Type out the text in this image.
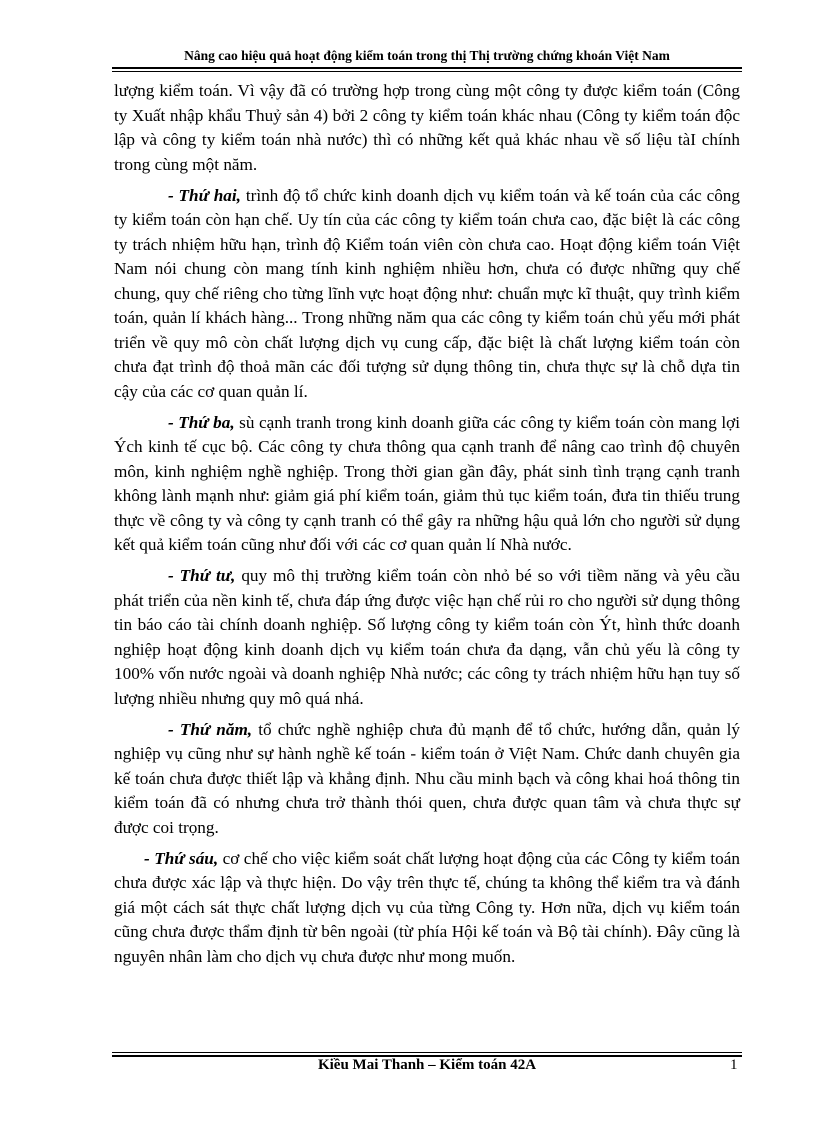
Nâng cao hiệu quả hoạt động kiểm toán trong thị Thị trường chứng khoán Việt Nam

lượng kiểm toán. Vì vậy đã có trường hợp trong cùng một công ty được kiểm toán (Công ty Xuất nhập khẩu Thuỷ sản 4) bởi 2 công ty kiểm toán khác nhau (Công ty kiểm toán độc lập và công ty kiểm toán nhà nước) thì có những kết quả khác nhau về số liệu tàI chính trong cùng một năm.

- Thứ hai, trình độ tổ chức kinh doanh dịch vụ kiểm toán và kế toán của các công ty kiểm toán còn hạn chế. Uy tín của các công ty kiểm toán chưa cao, đặc biệt là các công ty trách nhiệm hữu hạn, trình độ Kiểm toán viên còn chưa cao. Hoạt động kiểm toán Việt Nam nói chung còn mang tính kinh nghiệm nhiều hơn, chưa có được những quy chế chung, quy chế riêng cho từng lĩnh vực hoạt động như: chuẩn mực kĩ thuật, quy trình kiểm toán, quản lí khách hàng... Trong những năm qua các công ty kiểm toán chủ yếu mới phát triển về quy mô còn chất lượng dịch vụ cung cấp, đặc biệt là chất lượng kiểm toán còn chưa đạt trình độ thoả mãn các đối tượng sử dụng thông tin, chưa thực sự là chỗ dựa tin cậy của các cơ quan quản lí.

- Thứ ba, sù cạnh tranh trong kinh doanh giữa các công ty kiểm toán còn mang lợi Ých kinh tế cục bộ. Các công ty chưa thông qua cạnh tranh để nâng cao trình độ chuyên môn, kinh nghiệm nghề nghiệp. Trong thời gian gần đây, phát sinh tình trạng cạnh tranh không lành mạnh như: giảm giá phí kiểm toán, giảm thủ tục kiểm toán, đưa tin thiếu trung thực về công ty và công ty cạnh tranh có thể gây ra những hậu quả lớn cho người sử dụng kết quả kiểm toán cũng như đối với các cơ quan quản lí Nhà nước.

- Thứ tư, quy mô thị trường kiểm toán còn nhỏ bé so với tiềm năng và yêu cầu phát triển của nền kinh tế, chưa đáp ứng được việc hạn chế rủi ro cho người sử dụng thông tin báo cáo tài chính doanh nghiệp. Số lượng công ty kiểm toán còn Ýt, hình thức doanh nghiệp hoạt động kinh doanh dịch vụ kiểm toán chưa đa dạng, vẫn chủ yếu là công ty 100% vốn nước ngoài và doanh nghiệp Nhà nước; các công ty trách nhiệm hữu hạn tuy số lượng nhiều nhưng quy mô quá nhá.

- Thứ năm, tổ chức nghề nghiệp chưa đủ mạnh để tổ chức, hướng dẫn, quản lý nghiệp vụ cũng như sự hành nghề kế toán - kiểm toán ở Việt Nam. Chức danh chuyên gia kế toán chưa được thiết lập và khẳng định. Nhu cầu minh bạch và công khai hoá thông tin kiểm toán đã có nhưng chưa trở thành thói quen, chưa được quan tâm và chưa thực sự được coi trọng.

- Thứ sáu, cơ chế cho việc kiểm soát chất lượng hoạt động của các Công ty kiểm toán chưa được xác lập và thực hiện. Do vậy trên thực tế, chúng ta không thể kiểm tra và đánh giá một cách sát thực chất lượng dịch vụ của từng Công ty. Hơn nữa, dịch vụ kiểm toán cũng chưa được thẩm định từ bên ngoài (từ phía Hội kế toán và Bộ tài chính). Đây cũng là nguyên nhân làm cho dịch vụ chưa được như mong muốn.

Kiều Mai Thanh – Kiểm toán 42A	1
